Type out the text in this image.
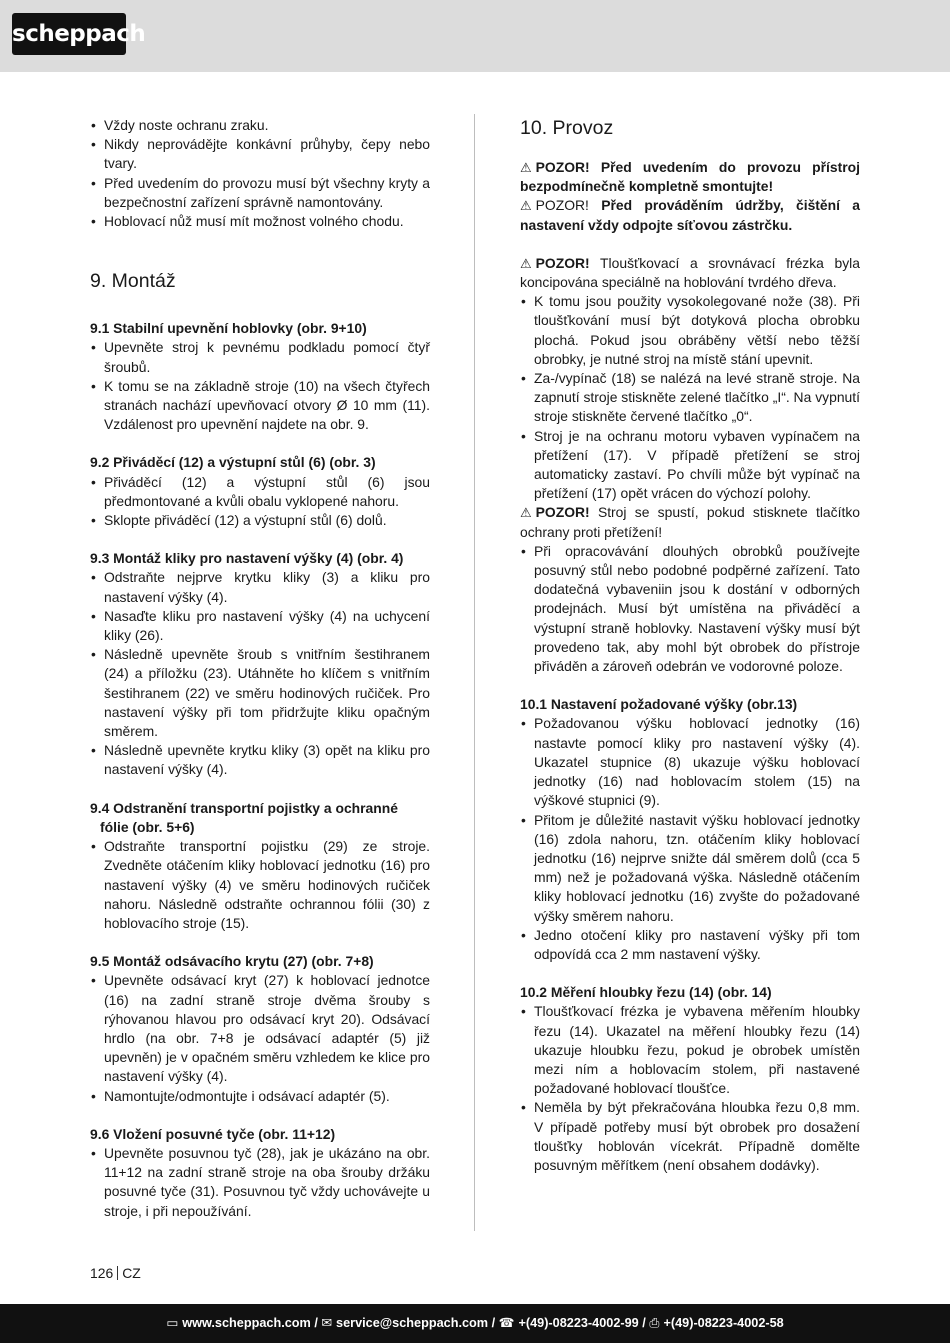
scheppach
• Vždy noste ochranu zraku.
• Nikdy neprovádějte konkávní průhyby, čepy nebo tvary.
• Před uvedením do provozu musí být všechny kryty a bezpečnostní zařízení správně namontovány.
• Hoblovací nůž musí mít možnost volného chodu.
9. Montáž
9.1 Stabilní upevnění hoblovky (obr. 9+10)
• Upevněte stroj k pevnému podkladu pomocí čtyř šroubů.
• K tomu se na základně stroje (10) na všech čtyřech stranách nachází upevňovací otvory Ø 10 mm (11). Vzdálenost pro upevnění najdete na obr. 9.
9.2 Přiváděcí (12) a výstupní stůl (6) (obr. 3)
• Přiváděcí (12) a výstupní stůl (6) jsou předmontované a kvůli obalu vyklopené nahoru.
• Sklopte přiváděcí (12) a výstupní stůl (6) dolů.
9.3 Montáž kliky pro nastavení výšky (4) (obr. 4)
• Odstraňte nejprve krytku kliky (3) a kliku pro nastavení výšky (4).
• Nasaďte kliku pro nastavení výšky (4) na uchycení kliky (26).
• Následně upevněte šroub s vnitřním šestihranem (24) a příložku (23). Utáhněte ho klíčem s vnitřním šestihranem (22) ve směru hodinových ručiček. Pro nastavení výšky při tom přidržujte kliku opačným směrem.
• Následně upevněte krytku kliky (3) opět na kliku pro nastavení výšky (4).
9.4 Odstranění transportní pojistky a ochranné
fólie (obr. 5+6)
• Odstraňte transportní pojistku (29) ze stroje. Zvedněte otáčením kliky hoblovací jednotku (16) pro nastavení výšky (4) ve směru hodinových ručiček nahoru. Následně odstraňte ochrannou fólii (30) z hoblovacího stroje (15).
9.5 Montáž odsávacího krytu (27) (obr. 7+8)
• Upevněte odsávací kryt (27) k hoblovací jednotce (16) na zadní straně stroje dvěma šrouby s rýhovanou hlavou pro odsávací kryt 20). Odsávací hrdlo (na obr. 7+8 je odsávací adaptér (5) již upevněn) je v opačném směru vzhledem ke klice pro nastavení výšky (4).
• Namontujte/odmontujte i odsávací adaptér (5).
9.6 Vložení posuvné tyče (obr. 11+12)
• Upevněte posuvnou tyč (28), jak je ukázáno na obr. 11+12 na zadní straně stroje na oba šrouby držáku posuvné tyče (31). Posuvnou tyč vždy uchovávejte u stroje, i při nepoužívání.
10. Provoz

⚠ POZOR! Před uvedením do provozu přístroj bezpodmínečně kompletně smontujte!

⚠ POZOR! Před prováděním údržby, čištění a nastavení vždy odpojte síťovou zástrčku.

⚠ POZOR! Tloušťkovací a srovnávací frézka byla koncipována speciálně na hoblování tvrdého dřeva.

• K tomu jsou použity vysokolegované nože (38). Při tloušťkování musí být dotyková plocha obrobku plochá. Pokud jsou obráběny větší nebo těžší obrobky, je nutné stroj na místě stání upevnit.
• Za-/vypínač (18) se nalézá na levé straně stroje. Na zapnutí stroje stiskněte zelené tlačítko „I“. Na vypnutí stroje stiskněte červené tlačítko „0“.
• Stroj je na ochranu motoru vybaven vypínačem na přetížení (17). V případě přetížení se stroj automaticky zastaví. Po chvíli může být vypínač na přetížení (17) opět vrácen do výchozí polohy.

⚠ POZOR! Stroj se spustí, pokud stisknete tlačítko ochrany proti přetížení!

• Při opracovávání dlouhých obrobků používejte posuvný stůl nebo podobné podpěrné zařízení. Tato dodatečná vybaveniin jsou k dostání v odborných prodejnách. Musí být umístěna na přiváděcí a výstupní straně hoblovky. Nastavení výšky musí být provedeno tak, aby mohl být obrobek do přístroje přiváděn a zároveň odebrán ve vodorovné poloze.
10.1 Nastavení požadované výšky (obr.13)
• Požadovanou výšku hoblovací jednotky (16) nastavte pomocí kliky pro nastavení výšky (4). Ukazatel stupnice (8) ukazuje výšku hoblovací jednotky (16) nad hoblovacím stolem (15) na výškové stupnici (9).
• Přitom je důležité nastavit výšku hoblovací jednotky (16) zdola nahoru, tzn. otáčením kliky hoblovací jednotku (16) nejprve snižte dál směrem dolů (cca 5 mm) než je požadovaná výška. Následně otáčením kliky hoblovací jednotku (16) zvyšte do požadované výšky směrem nahoru.
• Jedno otočení kliky pro nastavení výšky při tom odpovídá cca 2 mm nastavení výšky.
10.2 Měření hloubky řezu (14) (obr. 14)
• Tloušťkovací frézka je vybavena měřením hloubky řezu (14). Ukazatel na měření hloubky řezu (14) ukazuje hloubku řezu, pokud je obrobek umístěn mezi ním a hoblovacím stolem, při nastavené požadované hoblovací tloušťce.
• Neměla by být překračována hloubka řezu 0,8 mm. V případě potřeby musí být obrobek pro dosažení tloušťky hoblován vícekrát. Případně domělte posuvným měřítkem (není obsahem dodávky).
126 CZ
▭ www.scheppach.com / ✉ service@scheppach.com / ☎ +(49)-08223-4002-99 / ⎙ +(49)-08223-4002-58
